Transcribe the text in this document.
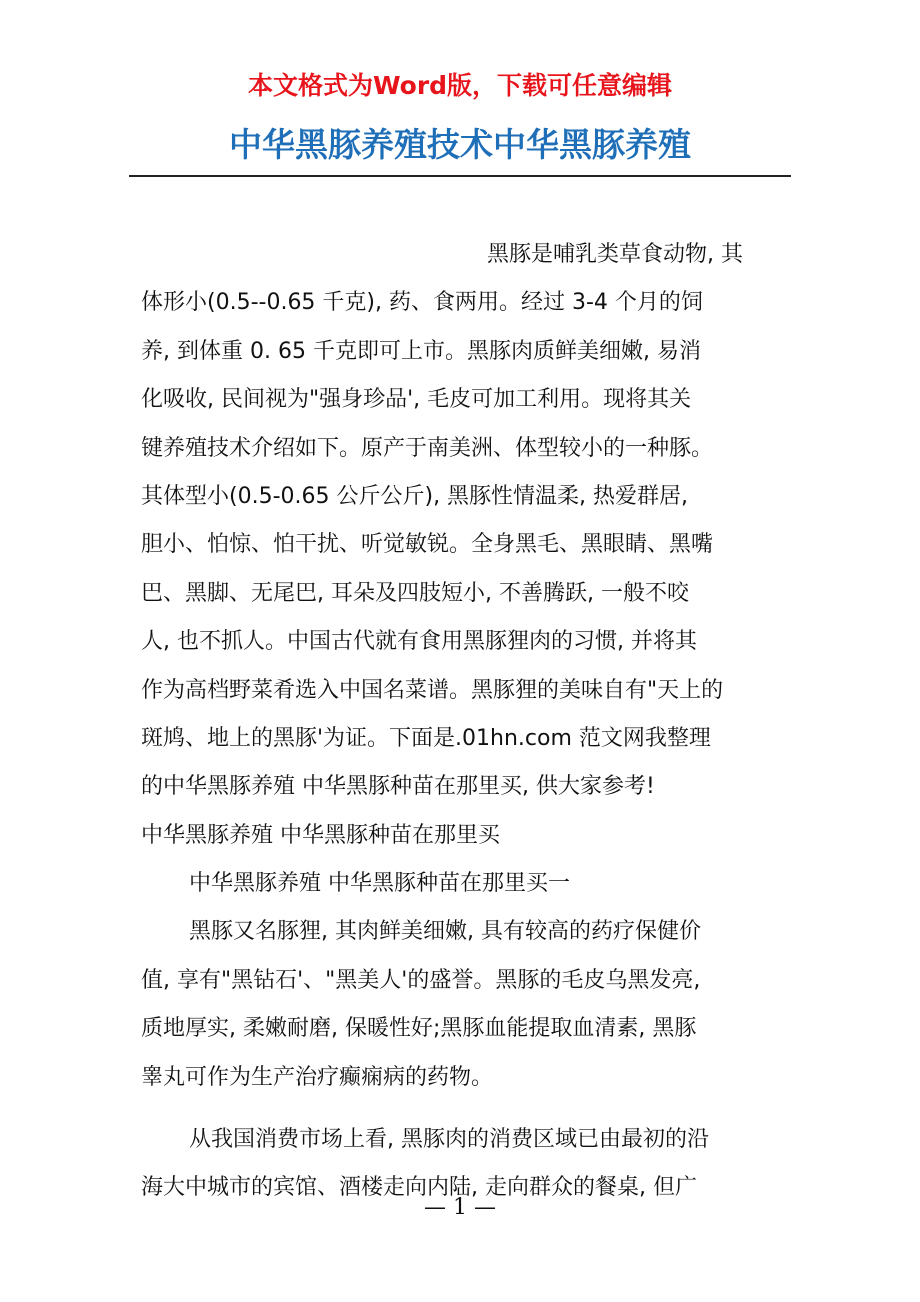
本文格式为Word版，下载可任意编辑
中华黑豚养殖技术中华黑豚养殖
黑豚是哺乳类草食动物, 其
体形小(0.5--0.65 千克), 药、食两用。经过 3-4 个月的饲
养, 到体重 0. 65 千克即可上市。黑豚肉质鲜美细嫩, 易消
化吸收, 民间视为"强身珍品', 毛皮可加工利用。现将其关
键养殖技术介绍如下。原产于南美洲、体型较小的一种豚。
其体型小(0.5-0.65 公斤公斤), 黑豚性情温柔, 热爱群居,
胆小、怕惊、怕干扰、听觉敏锐。全身黑毛、黑眼睛、黑嘴
巴、黑脚、无尾巴, 耳朵及四肢短小, 不善腾跃, 一般不咬
人, 也不抓人。中国古代就有食用黑豚狸肉的习惯, 并将其
作为高档野菜肴选入中国名菜谱。黑豚狸的美味自有"天上的
斑鸠、地上的黑豚'为证。下面是.01hn.com 范文网我整理
的中华黑豚养殖 中华黑豚种苗在那里买, 供大家参考!
中华黑豚养殖 中华黑豚种苗在那里买
中华黑豚养殖 中华黑豚种苗在那里买一
黑豚又名豚狸, 其肉鲜美细嫩, 具有较高的药疗保健价
值, 享有"黑钻石'、"黑美人'的盛誉。黑豚的毛皮乌黑发亮,
质地厚实, 柔嫩耐磨, 保暖性好;黑豚血能提取血清素, 黑豚
睾丸可作为生产治疗癫痫病的药物。
从我国消费市场上看, 黑豚肉的消费区域已由最初的沿
海大中城市的宾馆、酒楼走向内陆, 走向群众的餐桌, 但广
— 1 —
